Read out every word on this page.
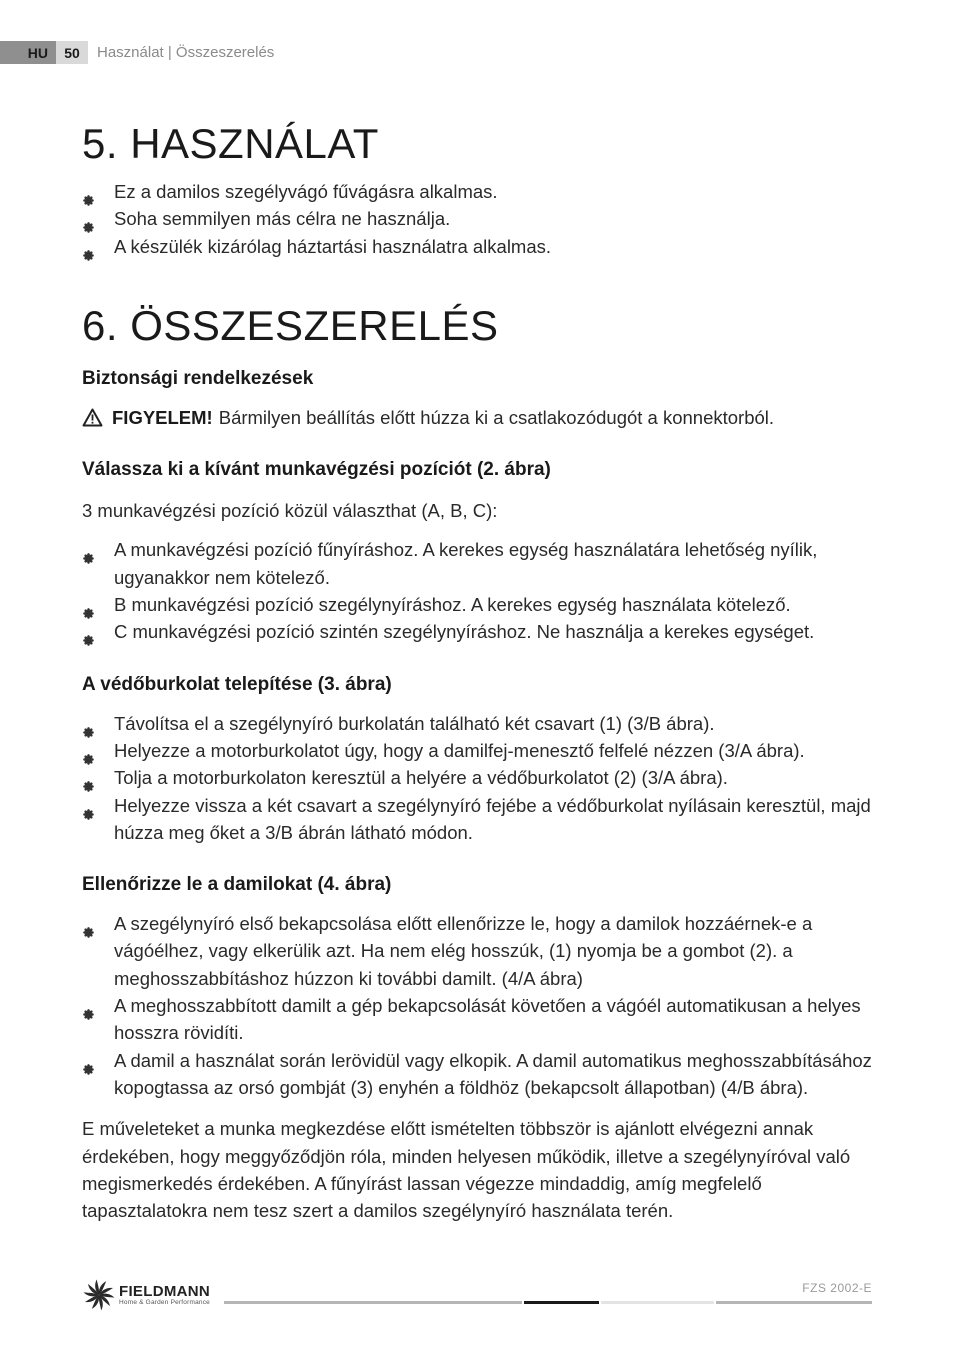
HU	50	Használat | Összeszerelés
5. HASZNÁLAT
Ez a damilos szegélyvágó fűvágásra alkalmas.
Soha semmilyen más célra ne használja.
A készülék kizárólag háztartási használatra alkalmas.
6. ÖSSZESZERELÉS
Biztonsági rendelkezések

FIGYELEM! Bármilyen beállítás előtt húzza ki a csatlakozódugót a konnektorból.

Válassza ki a kívánt munkavégzési pozíciót (2. ábra)

3 munkavégzési pozíció közül választhat (A, B, C):

A munkavégzési pozíció fűnyíráshoz. A kerekes egység használatára lehetőség nyílik, ugyanakkor nem kötelező.
B munkavégzési pozíció szegélynyíráshoz. A kerekes egység használata kötelező.
C munkavégzési pozíció szintén szegélynyíráshoz. Ne használja a kerekes egységet.
A védőburkolat telepítése (3. ábra)
Távolítsa el a szegélynyíró burkolatán található két csavart (1) (3/B ábra).
Helyezze a motorburkolatot úgy, hogy a damilfej-menesztő felfelé nézzen (3/A ábra).
Tolja a motorburkolaton keresztül a helyére a védőburkolatot (2) (3/A ábra).
Helyezze vissza a két csavart a szegélynyíró fejébe a védőburkolat nyílásain keresztül, majd húzza meg őket a 3/B ábrán látható módon.
Ellenőrizze le a damilokat (4. ábra)
A szegélynyíró első bekapcsolása előtt ellenőrizze le, hogy a damilok hozzáérnek-e a vágóélhez, vagy elkerülik azt. Ha nem elég hosszúk, (1) nyomja be a gombot (2). a meghosszabbításhoz húzzon ki további damilt. (4/A ábra)
A meghosszabbított damilt a gép bekapcsolását követően a vágóél automatikusan a helyes hosszra rövidíti.
A damil a használat során lerövidül vagy elkopik. A damil automatikus meghosszabbításához kopogtassa az orsó gombját (3) enyhén a földhöz (bekapcsolt állapotban) (4/B ábra).

E műveleteket a munka megkezdése előtt ismételten többször is ajánlott elvégezni annak érdekében, hogy meggyőződjön róla, minden helyesen működik, illetve a szegélynyíróval való megismerkedés érdekében. A fűnyírást lassan végezze mindaddig, amíg megfelelő tapasztalatokra nem tesz szert a damilos szegélynyíró használata terén.

FIELDMANN
Home & Garden Performance
FZS 2002-E
